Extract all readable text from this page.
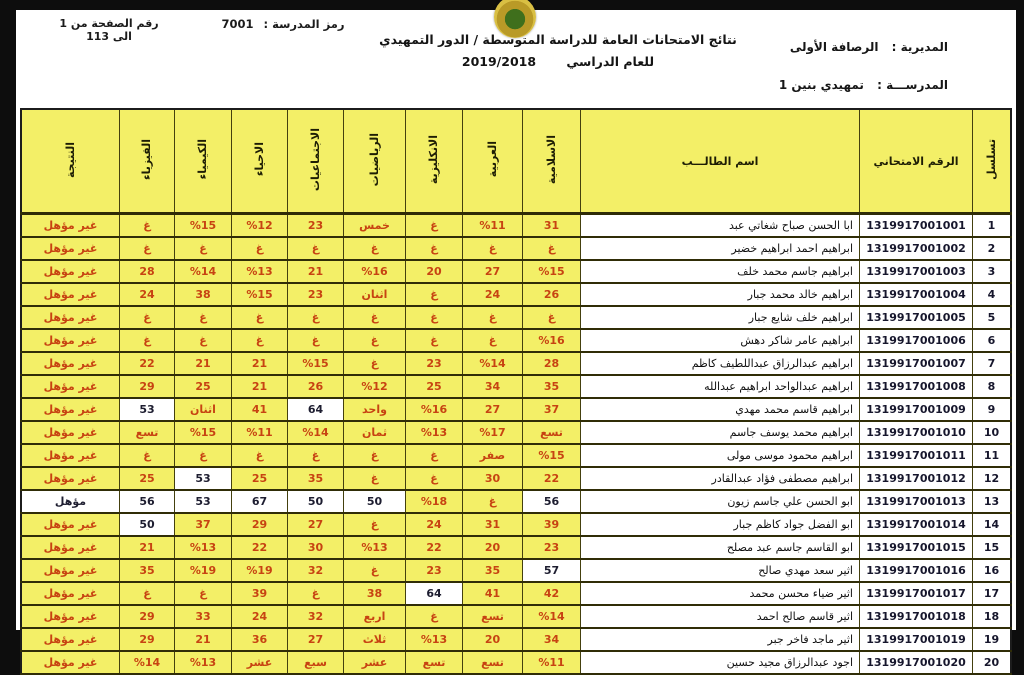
رقم الصفحة من 1 الى 113
رمز المدرسة : 7001
نتائج الامتحانات العامة للدراسة المتوسطة / الدور التمهيدي
للعام الدراسي 2019/2018
المديرية : الرصافة الأولى
المدرســـة : تمهيدي بنين 1
تسلسل	الرقم الامتحاني	اسم الطالـــب	الاسلامية	العربية	الانكليزية	الرياضيات	الاجتماعيات	الاحياء	الكيمياء	الفيزياء	النتيجة
1	1319917001001	ابا الحسن صباح شغاتي عبد	31	%11	غ	خمس	23	%12	%15	غ	غير مؤهل
2	1319917001002	ابراهيم احمد ابراهيم خضير	غ	غ	غ	غ	غ	غ	غ	غ	غير مؤهل
3	1319917001003	ابراهيم جاسم محمد خلف	%15	27	20	%16	21	%13	%14	28	غير مؤهل
4	1319917001004	ابراهيم خالد محمد جبار	26	24	غ	اثنان	23	%15	38	24	غير مؤهل
5	1319917001005	ابراهيم خلف شايع جبار	غ	غ	غ	غ	غ	غ	غ	غ	غير مؤهل
6	1319917001006	ابراهيم عامر شاكر دهش	%16	غ	غ	غ	غ	غ	غ	غ	غير مؤهل
7	1319917001007	ابراهيم عبدالرزاق عبداللطيف كاظم	28	%14	23	غ	%15	21	21	22	غير مؤهل
8	1319917001008	ابراهيم عبدالواحد ابراهيم عبدالله	35	34	25	%12	26	21	25	29	غير مؤهل
9	1319917001009	ابراهيم قاسم محمد مهدي	37	27	%16	واحد	64	41	اثنان	53	غير مؤهل
10	1319917001010	ابراهيم محمد يوسف جاسم	تسع	%17	%13	ثمان	%14	%11	%15	تسع	غير مؤهل
11	1319917001011	ابراهيم محمود موسى مولى	%15	صفر	غ	غ	غ	غ	غ	غ	غير مؤهل
12	1319917001012	ابراهيم مصطفى فؤاد عبدالقادر	22	30	غ	غ	35	25	53	25	غير مؤهل
13	1319917001013	ابو الحسن علي جاسم زيون	56	غ	%18	50	50	67	53	56	مؤهل
14	1319917001014	ابو الفضل جواد كاظم جبار	39	31	24	غ	27	29	37	50	غير مؤهل
15	1319917001015	ابو القاسم جاسم عبد مصلح	23	20	22	%13	30	22	%13	21	غير مؤهل
16	1319917001016	اثير سعد مهدي صالح	57	35	23	غ	32	%19	%19	35	غير مؤهل
17	1319917001017	اثير ضياء محسن محمد	42	41	64	38	غ	39	غ	غ	غير مؤهل
18	1319917001018	اثير قاسم صالح احمد	%14	تسع	غ	اربع	32	24	33	29	غير مؤهل
19	1319917001019	اثير ماجد فاخر جبر	34	20	%13	ثلاث	27	36	21	29	غير مؤهل
20	1319917001020	اجود عبدالرزاق مجيد حسين	%11	تسع	تسع	عشر	سبع	عشر	%13	%14	غير مؤهل
